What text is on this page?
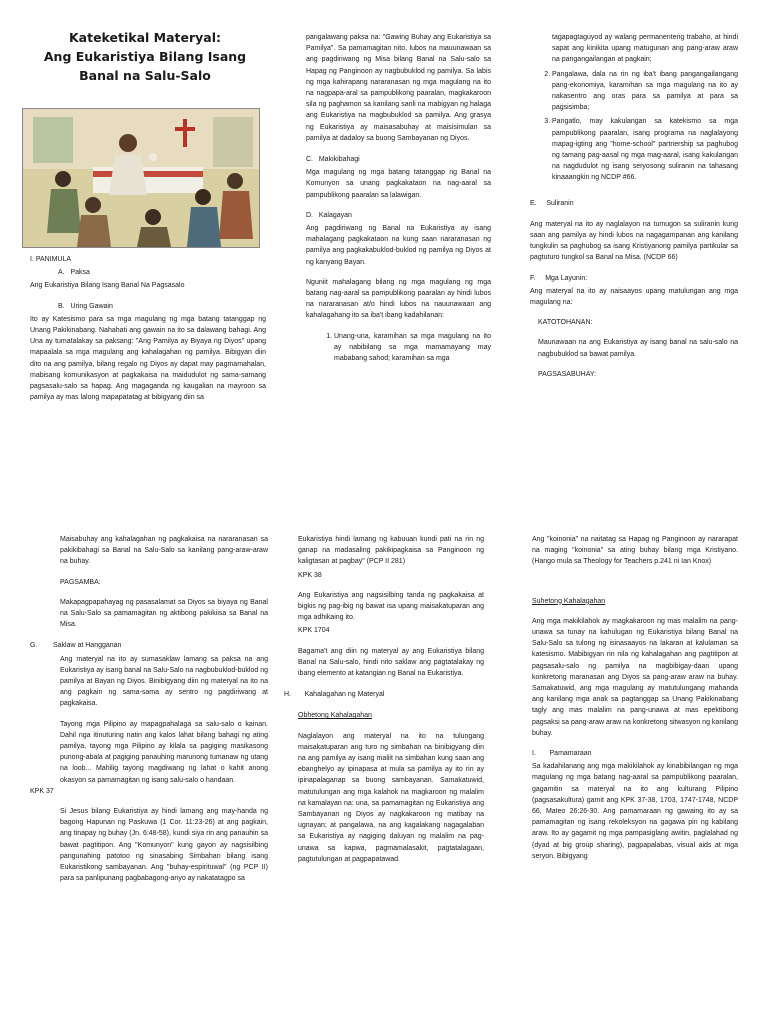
Kateketikal Materyal:
Ang Eukaristiya Bilang Isang
Banal na Salu-Salo
I. PANIMULA
A. Paksa

Ang Eukaristiya Bilang Isang Banal Na Pagsasalo

B. Uring Gawain

Ito ay Katesismo para sa mga magulang ng mga batang tatanggap ng Unang Pakikinabang. Nahahati ang gawain na ito sa dalawang bahagi. Ang Una ay tumatalakay sa paksang: "Ang Pamilya ay Biyaya ng Diyos" upang mapaalala sa mga magulang ang kahalagahan ng pamilya. Bibigyan diin dito na ang pamilya, bilang regalo ng Diyos ay dapat may pagmamahalan, mabisang komunikasyon at pagkakaisa na maidudulot ng sama-samang pagsasalu-salo sa hapag. Ang magaganda ng kaugalian na mayroon sa pamilya ay mas lalong mapapatatag at bibigyang diin sa

pangalawang paksa na: "Gawing Buhay ang Eukaristiya sa Pamilya". Sa pamamagitan nito, lubos na mauunawaan sa ang pagdiriwang ng Misa bilang Banal na Salu-salo sa Hapag ng Panginoon ay nagbubuklod ng pamilya. Sa labis ng mga kahirapang nararanasan ng mga magulang na ito na nagpapa-aral sa pampublikong paaralan, magkakaroon sila ng paghamon sa kanilang sarili na mabigyan ng halaga ang Eukaristiya na magbubuklod sa pamilya. Ang grasya ng Eukaristiya ay maisasabuhay at maisisimulan sa pamilya at dadaloy sa buong Sambayanan ng Diyos.

C. Makikibahagi

Mga magulang ng mga batang tatanggap ng Banal na Komunyon sa unang pagkakataon na nag-aaral sa pampublikong paaralan sa lalawigan.

D. Kalagayan

Ang pagdiriwang ng Banal na Eukaristiya ay isang mahalagang pagkakataon na kung saan nararanasan ng pamilya ang pagkakabuklod-buklod ng pamilya ng Diyos at ng kanyang Bayan.

Nguniit mahalagang bilang ng mga magulang ng mga batang nag-aaral sa pampublikong paaralan ay hindi lubos na nararanasan at/o hindi lubos na nauunawaan ang kahalagahang ito sa iba't ibang kadahilanan:

1. Unang-una, karamihan sa mga magulang na ito ay nabibilang sa mga mamamayang may mababang sahod; karamihan sa mga

tagapagtaguyod ay walang permanenteng trabaho, at hindi sapat ang kinikita upang matugunan ang pang-araw araw na pangangailangan at pagkain;

2. Pangalawa, dala na rin ng iba't ibang pangangailangang pang-ekonomiya, karamihan sa mga magulang na ito ay nakasentro ang oras para sa pamilya at para sa pagsisimba;
3. Pangatlo, may kakulangan sa katekismo sa mga pampublikong paaralan, isang programa na naglalayong mapag-igting ang "home-school" partnership sa paghubog ng tamang pag-aasal ng mga mag-aaral, isang kakulangan na nagdudulot ng isang seryosong suliranin na tahasang kinaaangkin ng NCDP #66.
E. Suliranin

Ang materyal na ito ay naglalayon na tumugon sa suliranin kung saan ang pamilya ay hindi lubos na nagagampanan ang kanilang tungkulin sa paghubog sa isang Kristiyanong pamilya partikular sa pagtuturo tungkol sa Banal na Misa. (NCDP 66)

F. Mga Layunin:

Ang materyal na ito ay naisaayos upang matulungan ang mga magulang na:

KATOTOHANAN:

Maunawaan na ang Eukaristiya ay isang banal na salu-salo na nagbubuklod sa bawat pamilya.

PAGSASABUHAY:

Maisabuhay ang kahalagahan ng pagkakaisa na nararanasan sa pakikibahagi sa Banal na Salu-Salo sa kanilang pang-araw-araw na buhay.

PAGSAMBA:

Makapagpapahayag ng pasasalamat sa Diyos sa biyaya ng Banal na Salu-Salo sa pamamagitan ng aktibong pakikiisa sa Banal na Misa.

G. Saklaw at Hangganan

Ang materyal na ito ay sumasaklaw lamang sa paksa na ang Eukaristiya ay isang banal na Salu-Salo na nagbubuklod-buklod ng pamilya at Bayan ng Diyos. Binibigyang diin ng materyal na ito na ang pagkain ng sama-sama ay sentro ng pagdiriwang at pagkakaisa.

Tayong mga Pilipino ay mapagpahalaga sa salu-salo o kainan. Dahil nga itinuturing natin ang kalos lahat bilang bahagi ng ating pamilya, tayong mga Pilipino ay kilala sa pagiging masikasong punong-abala at pagiging panauhing marunong tumanaw ng utang na loob... Mahilig tayong magdiwang ng lahat o kahit anong okasyon sa pamamagitan ng isang salu-salo o handaan.

KPK 37

Si Jesus bilang Eukaristiya ay hindi lamang ang may-handa ng bagong Hapunan ng Paskuwa (1 Cor. 11:23-26) at ang pagkain, ang tinapay ng buhay (Jn. 6:48-58), kundi siya rin ang panauhin sa bawat pagtitipon. Ang "Komunyon" kung gayon ay nagsisilbing pangunahing patotoo ng sinasabing Simbahan bilang isang Eukaristikong sambayanan. Ang "buhay-espirituwal" (ng PCP II) para sa panlipunang pagbabagong-anyo ay nakatatagpo sa

Eukaristiya hindi lamang ng kabuuan kundi pati na rin ng ganap na madasaling pakikipagkaisa sa Panginoon ng kaligtasan at pagbay" (PCP II 281)

KPK 38

Ang Eukaristiya ang nagsisilbing tanda ng pagkakaisa at bigkis ng pag-ibig ng bawat isa upang maisakatuparan ang mga adhikaing ito.

KPK 1704

Bagama't ang diin ng materyal ay ang Eukaristiya bilang Banal na Salu-salo, hindi nito saklaw ang pagtatalakay ng ibang elemento at katangian ng Banal na Eukaristiya.

H. Kahalagahan ng Materyal

Obhetong Kahalagahan

Naglalayon ang materyal na ito na tulungang maisakatuparan ang turo ng simbahan na binibigyang diin na ang pamilya ay isang maliit na simbahan kung saan ang ebanghelyo ay ipinapasa at mula sa pamilya ay ito rin ay ipinapalaganap sa buong sambayanan. Samakatuwid, matutulungan ang mga kalahok na magkaroon ng malalim na kamalayan na: una, sa pamamagitan ng Eukaristiya ang Sambayanan ng Diyos ay nagkakaroon ng matibay na ugnayan; at pangalawa, na ang kagalakang nagagalaban sa Eukaristiya ay nagiging daluyan ng malalim na pag-unawa sa kapwa, pagmamalasakit, pagtatalagaan, pagtutulungan at pagpapatawad.

Ang "koinonia" na naitatag sa Hapag ng Panginoon ay nararapat na maging "koinonia" sa ating buhay bilang mga Kristiyano. (Hango mula sa Theology for Teachers p.241 ni Ian Knox)

Suhetong Kahalagahan

Ang mga makikilahok ay magkakaroon ng mas malalim na pang-unawa sa tunay na kahulugan ng Eukaristiya bilang Banal na Salu-Salo sa tulong ng isinasaayos na lakaran at kalulaman sa katesismo. Mabibigyan rin nila ng kahalagahan ang pagtitipon at pagsasalu-salo ng pamilya na magbibigay-daan upang konkretong maranasan ang Diyos sa pang-araw araw na buhay. Samakatuwid, ang mga magulang ay matutulungang mahanda ang kanilang mga anak sa pagtanggap sa Unang Pakikinabang tagly ang mas malalim na pang-unawa at mas epektibong pagsaksi sa pang-araw araw na konkretong sitwasyon ng kanilang buhay.

I. Pamamaraan

Sa kadahilanang ang mga makikilahok ay kinabibilangan ng mga magulang ng mga batang nag-aaral sa pampublikong paaralan, gagamitin sa materyal na ito ang kulturang Pilipino (pagsasakultura) gamit ang KPK 37-38, 1703, 1747-1748, NCDP 66, Mateo 26:26-30. Ang pamamaraan ng gawaing ito ay sa pamamagitan ng isang rekoleksyon na gagawa pin ng kabilang araw. Ito ay gagamit ng mga pampasiglang awitin, paglalahad ng (dyad at big group sharing), pagpapalabas, visual aids at mga seryon. Bibigyang
